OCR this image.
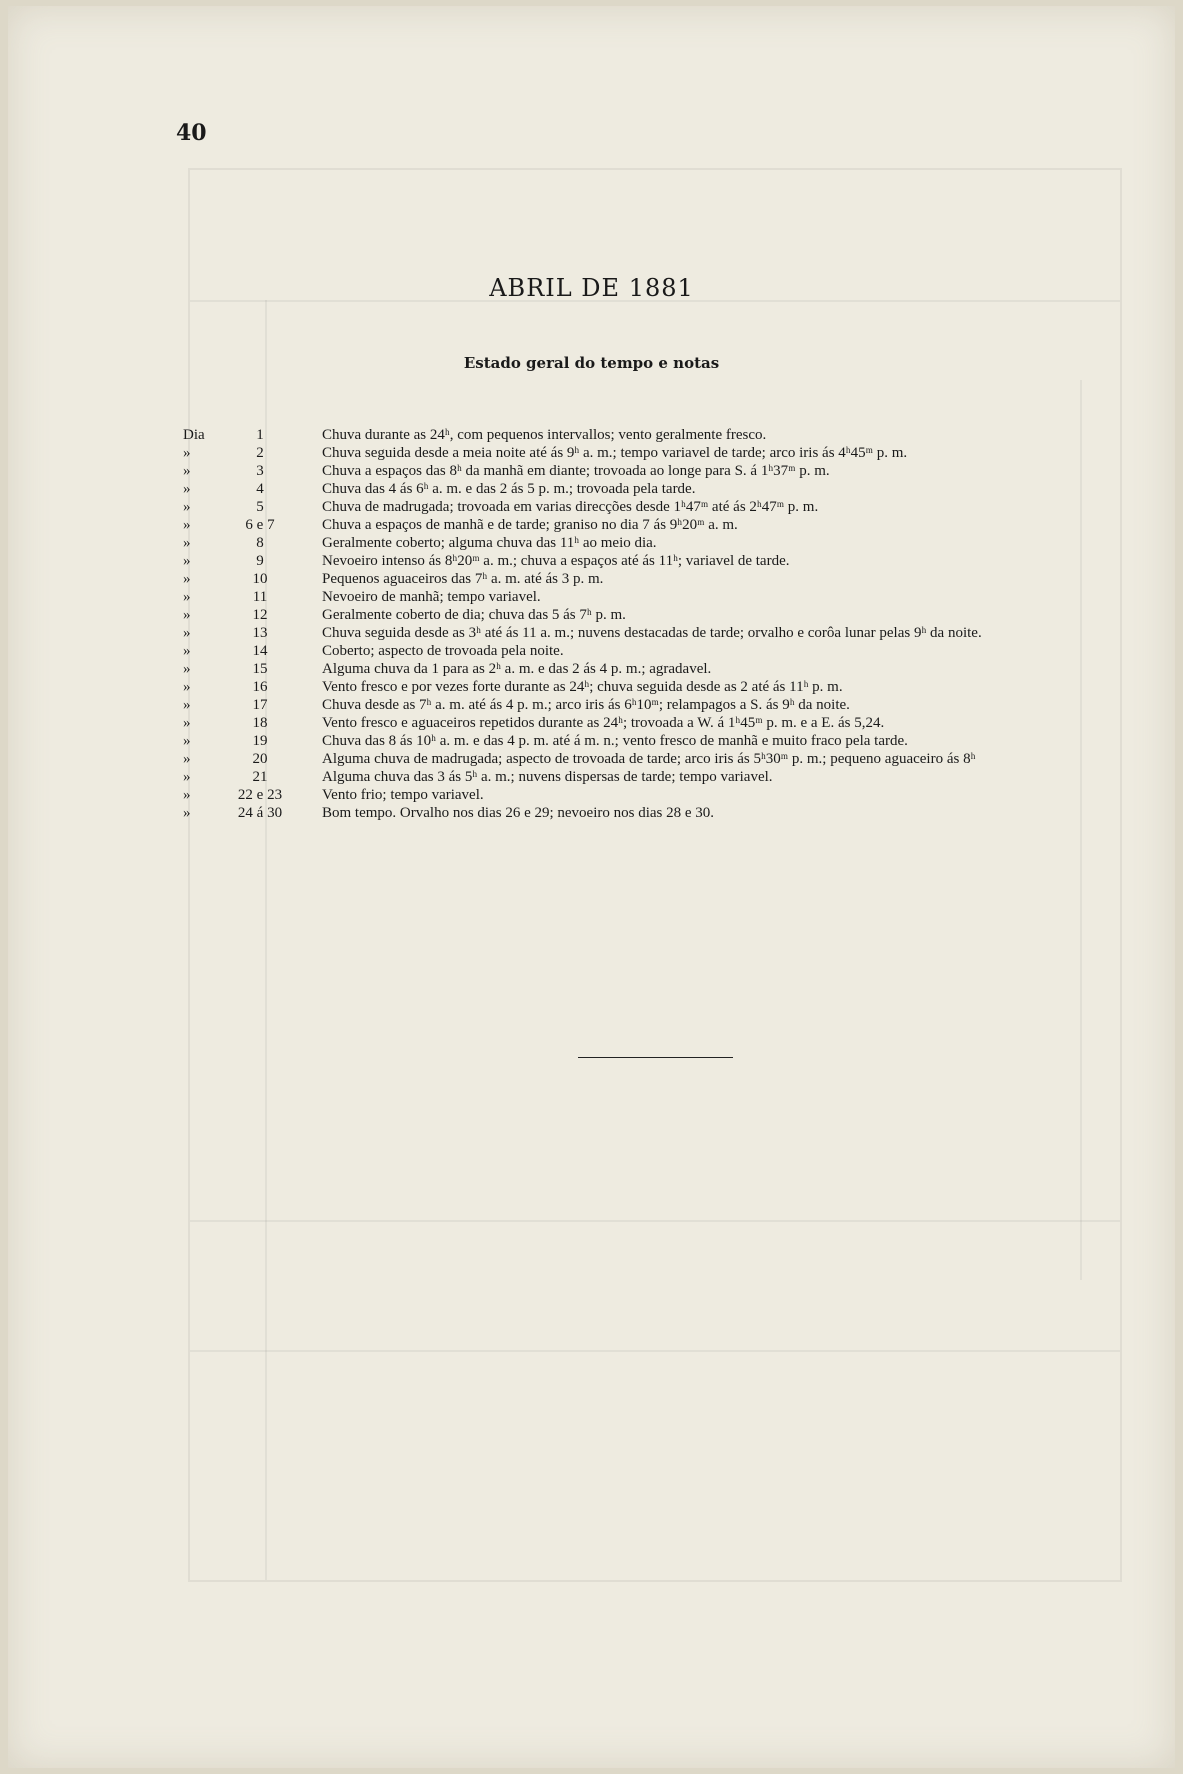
40
ABRIL DE 1881
Estado geral do tempo e notas
Dia	1	Chuva durante as 24ʰ, com pequenos intervallos; vento geralmente fresco.
»	2	Chuva seguida desde a meia noite até ás 9ʰ a. m.; tempo variavel de tarde; arco iris ás 4ʰ45ᵐ p. m.
»	3	Chuva a espaços das 8ʰ da manhã em diante; trovoada ao longe para S. á 1ʰ37ᵐ p. m.
»	4	Chuva das 4 ás 6ʰ a. m. e das 2 ás 5 p. m.; trovoada pela tarde.
»	5	Chuva de madrugada; trovoada em varias direcções desde 1ʰ47ᵐ até ás 2ʰ47ᵐ p. m.
»	6 e 7	Chuva a espaços de manhã e de tarde; graniso no dia 7 ás 9ʰ20ᵐ a. m.
»	8	Geralmente coberto; alguma chuva das 11ʰ ao meio dia.
»	9	Nevoeiro intenso ás 8ʰ20ᵐ a. m.; chuva a espaços até ás 11ʰ; variavel de tarde.
»	10	Pequenos aguaceiros das 7ʰ a. m. até ás 3 p. m.
»	11	Nevoeiro de manhã; tempo variavel.
»	12	Geralmente coberto de dia; chuva das 5 ás 7ʰ p. m.
»	13	Chuva seguida desde as 3ʰ até ás 11 a. m.; nuvens destacadas de tarde; orvalho e corôa lunar pelas 9ʰ da noite.
»	14	Coberto; aspecto de trovoada pela noite.
»	15	Alguma chuva da 1 para as 2ʰ a. m. e das 2 ás 4 p. m.; agradavel.
»	16	Vento fresco e por vezes forte durante as 24ʰ; chuva seguida desde as 2 até ás 11ʰ p. m.
»	17	Chuva desde as 7ʰ a. m. até ás 4 p. m.; arco iris ás 6ʰ10ᵐ; relampagos a S. ás 9ʰ da noite.
»	18	Vento fresco e aguaceiros repetidos durante as 24ʰ; trovoada a W. á 1ʰ45ᵐ p. m. e a E. ás 5,24.
»	19	Chuva das 8 ás 10ʰ a. m. e das 4 p. m. até á m. n.; vento fresco de manhã e muito fraco pela tarde.
»	20	Alguma chuva de madrugada; aspecto de trovoada de tarde; arco iris ás 5ʰ30ᵐ p. m.; pequeno aguaceiro ás 8ʰ
»	21	Alguma chuva das 3 ás 5ʰ a. m.; nuvens dispersas de tarde; tempo variavel.
»	22 e 23	Vento frio; tempo variavel.
»	24 á 30	Bom tempo. Orvalho nos dias 26 e 29; nevoeiro nos dias 28 e 30.
